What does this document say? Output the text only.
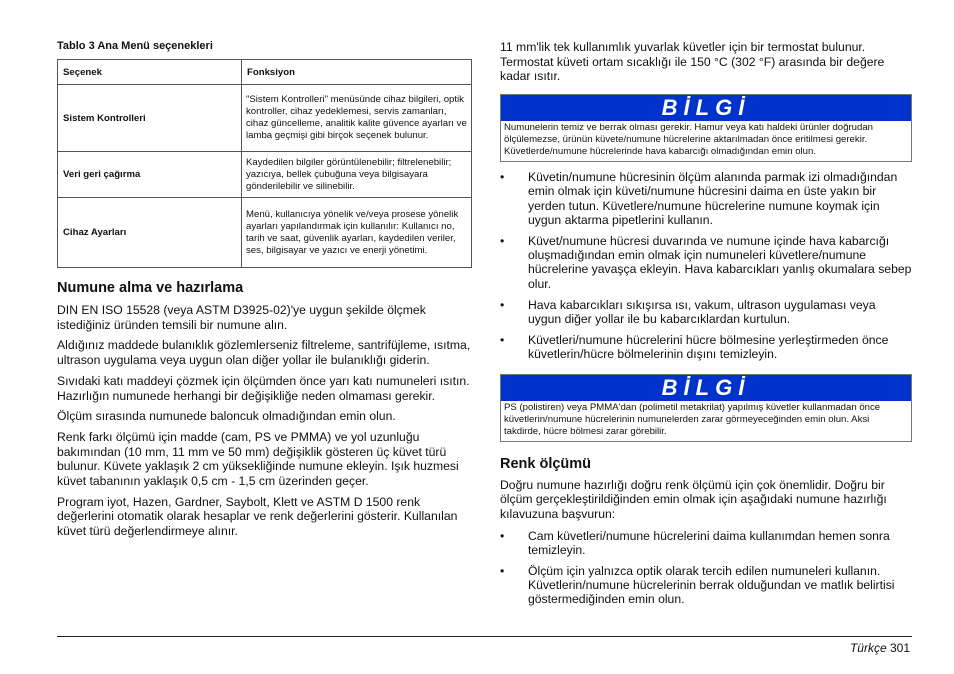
Tablo 3 Ana Menü seçenekleri
Seçenek	Fonksiyon
Sistem Kontrolleri	"Sistem Kontrolleri" menüsünde cihaz bilgileri, optik kontroller, cihaz yedeklemesi, servis zamanları, cihaz güncelleme, analitik kalite güvence ayarları ve lamba geçmişi gibi birçok seçenek bulunur.
Veri geri çağırma	Kaydedilen bilgiler görüntülenebilir; filtrelenebilir; yazıcıya, bellek çubuğuna veya bilgisayara gönderilebilir ve silinebilir.
Cihaz Ayarları	Menü, kullanıcıya yönelik ve/veya prosese yönelik ayarları yapılandırmak için kullanılır: Kullanıcı no, tarih ve saat, güvenlik ayarları, kaydedilen veriler, ses, bilgisayar ve yazıcı ve enerji yönetimi.
Numune alma ve hazırlama

DIN EN ISO 15528 (veya ASTM D3925-02)'ye uygun şekilde ölçmek istediğiniz üründen temsili bir numune alın.

Aldığınız maddede bulanıklık gözlemlerseniz filtreleme, santrifüjleme, ısıtma, ultrason uygulama veya uygun olan diğer yollar ile bulanıklığı giderin.

Sıvıdaki katı maddeyi çözmek için ölçümden önce yarı katı numuneleri ısıtın. Hazırlığın numunede herhangi bir değişikliğe neden olmaması gerekir.

Ölçüm sırasında numunede baloncuk olmadığından emin olun.

Renk farkı ölçümü için madde (cam, PS ve PMMA) ve yol uzunluğu bakımından (10 mm, 11 mm ve 50 mm) değişiklik gösteren üç küvet türü bulunur. Küvete yaklaşık 2 cm yüksekliğinde numune ekleyin. Işık huzmesi küvet tabanının yaklaşık 0,5 cm - 1,5 cm üzerinden geçer.

Program iyot, Hazen, Gardner, Saybolt, Klett ve ASTM D 1500 renk değerlerini otomatik olarak hesaplar ve renk değerlerini gösterir. Kullanılan küvet türü değerlendirmeye alınır.

11 mm'lik tek kullanımlık yuvarlak küvetler için bir termostat bulunur. Termostat küveti ortam sıcaklığı ile 150 °C (302 °F) arasında bir değere kadar ısıtır.

BİLGİ
Numunelerin temiz ve berrak olması gerekir. Hamur veya katı haldeki ürünler doğrudan ölçülemezse, ürünün küvete/numune hücrelerine aktarılmadan önce eritilmesi gerekir. Küvetlerde/numune hücrelerinde hava kabarcığı olmadığından emin olun.
• Küvetin/numune hücresinin ölçüm alanında parmak izi olmadığından emin olmak için küveti/numune hücresini daima en üste yakın bir yerden tutun. Küvetlere/numune hücrelerine numune koymak için uygun aktarma pipetlerini kullanın.
• Küvet/numune hücresi duvarında ve numune içinde hava kabarcığı oluşmadığından emin olmak için numuneleri küvetlere/numune hücrelerine yavaşça ekleyin. Hava kabarcıkları yanlış okumalara sebep olur.
• Hava kabarcıkları sıkışırsa ısı, vakum, ultrason uygulaması veya uygun diğer yollar ile bu kabarcıklardan kurtulun.
• Küvetleri/numune hücrelerini hücre bölmesine yerleştirmeden önce küvetlerin/hücre bölmelerinin dışını temizleyin.
BİLGİ
PS (polistiren) veya PMMA'dan (polimetil metakrilat) yapılmış küvetler kullanmadan önce küvetlerin/numune hücrelerinin numunelerden zarar görmeyeceğinden emin olun. Aksi takdirde, hücre bölmesi zarar görebilir.
Renk ölçümü

Doğru numune hazırlığı doğru renk ölçümü için çok önemlidir. Doğru bir ölçüm gerçekleştirildiğinden emin olmak için aşağıdaki numune hazırlığı kılavuzuna başvurun:

• Cam küvetleri/numune hücrelerini daima kullanımdan hemen sonra temizleyin.
• Ölçüm için yalnızca optik olarak tercih edilen numuneleri kullanın. Küvetlerin/numune hücrelerinin berrak olduğundan ve matlık belirtisi göstermediğinden emin olun.
Türkçe 301
